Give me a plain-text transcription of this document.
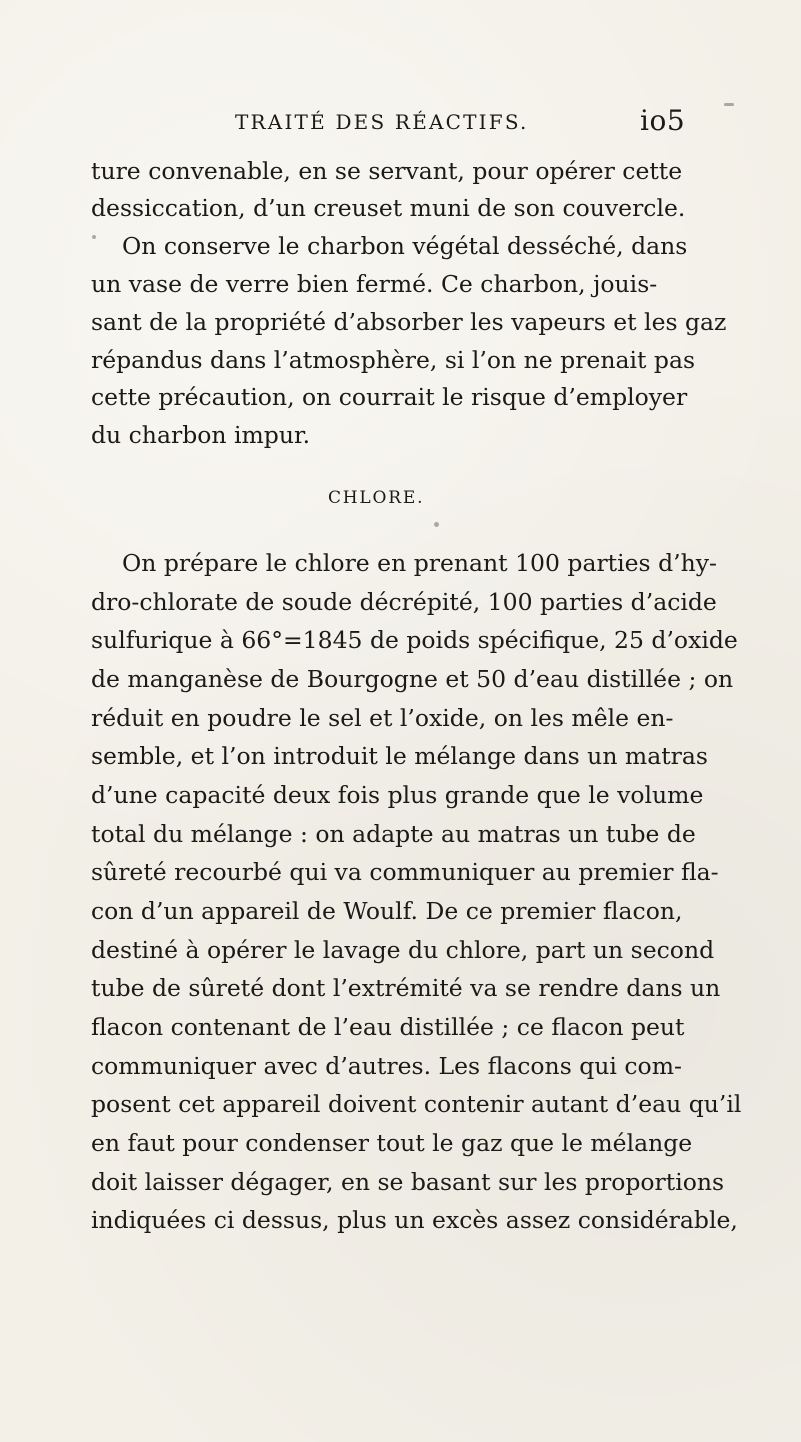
TRAITÉ DES RÉACTIFS.	io5
ture convenable, en se servant, pour opérer cette
dessiccation, d’un creuset muni de son couvercle.
On conserve le charbon végétal desséché, dans
un vase de verre bien fermé. Ce charbon, jouis-
sant de la propriété d’absorber les vapeurs et les gaz
répandus dans l’atmosphère, si l’on ne prenait pas
cette précaution, on courrait le risque d’employer
du charbon impur.
CHLORE.
On prépare le chlore en prenant 100 parties d’hy-
dro-chlorate de soude décrépité, 100 parties d’acide
sulfurique à 66°=1845 de poids spécifique, 25 d’oxide
de manganèse de Bourgogne et 50 d’eau distillée ; on
réduit en poudre le sel et l’oxide, on les mêle en-
semble, et l’on introduit le mélange dans un matras
d’une capacité deux fois plus grande que le volume
total du mélange : on adapte au matras un tube de
sûreté recourbé qui va communiquer au premier fla-
con d’un appareil de Woulf. De ce premier flacon,
destiné à opérer le lavage du chlore, part un second
tube de sûreté dont l’extrémité va se rendre dans un
flacon contenant de l’eau distillée ; ce flacon peut
communiquer avec d’autres. Les flacons qui com-
posent cet appareil doivent contenir autant d’eau qu’il
en faut pour condenser tout le gaz que le mélange
doit laisser dégager, en se basant sur les proportions
indiquées ci dessus, plus un excès assez considérable,
